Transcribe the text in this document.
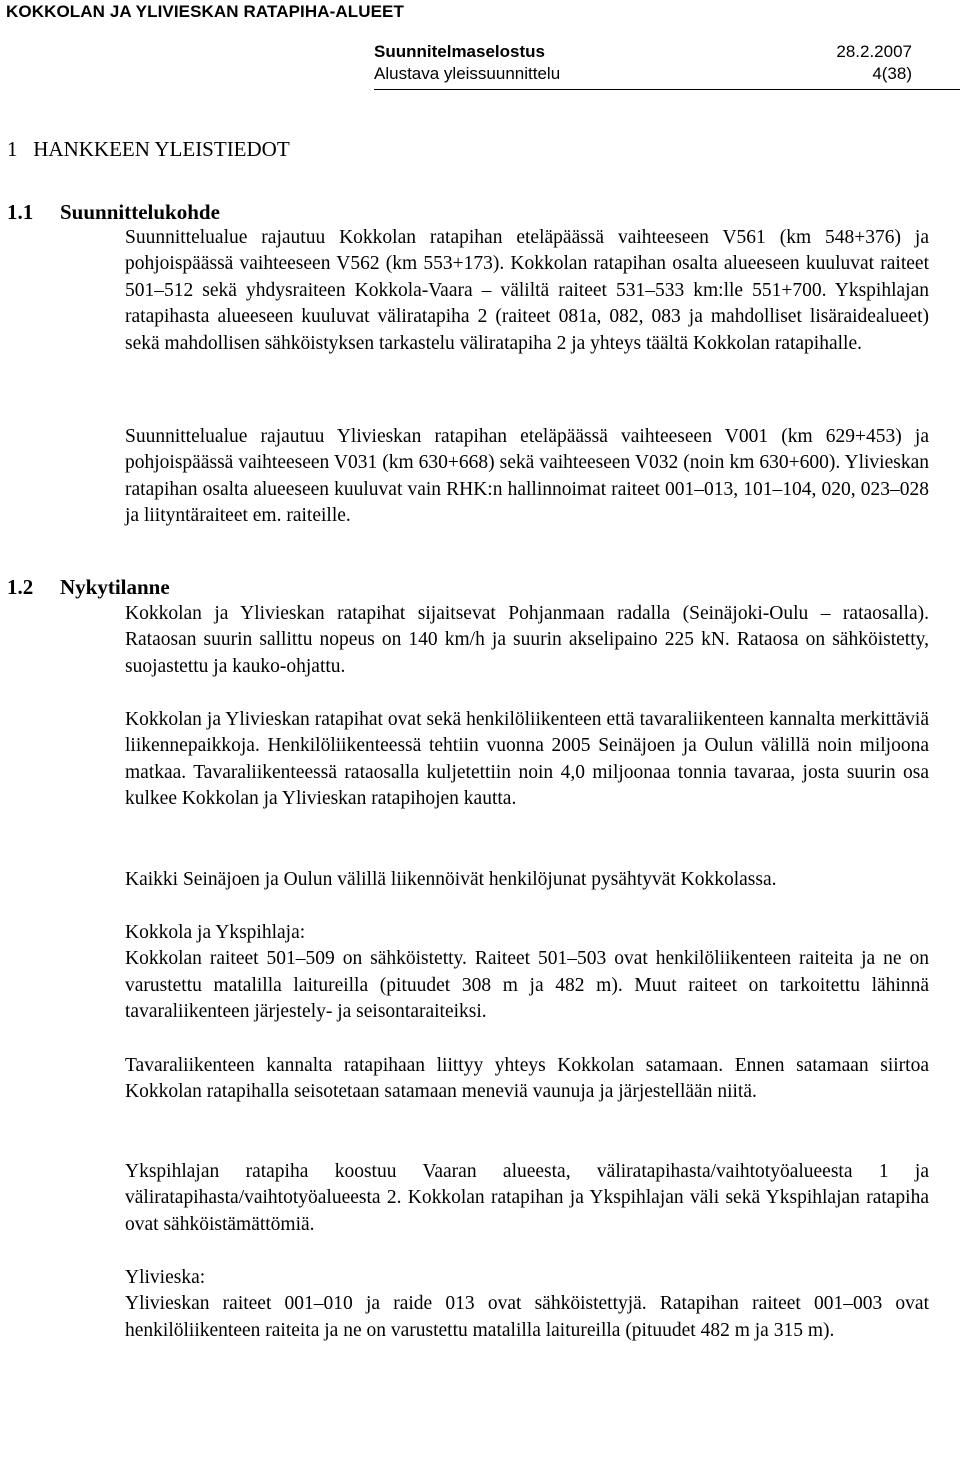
KOKKOLAN JA YLIVIESKAN RATAPIHA-ALUEET
Suunnitelmaselostus	28.2.2007
Alustava yleissuunnittelu	4(38)
1   HANKKEEN YLEISTIEDOT
1.1 Suunnittelukohde

Suunnittelualue rajautuu Kokkolan ratapihan eteläpäässä vaihteeseen V561 (km 548+376) ja pohjoispäässä vaihteeseen V562 (km 553+173). Kokkolan ratapihan osalta alueeseen kuuluvat raiteet 501–512 sekä yhdysraiteen Kokkola-Vaara – väliltä raiteet 531–533 km:lle 551+700. Ykspihlajan ratapihasta alueeseen kuuluvat väliratapiha 2 (raiteet 081a, 082, 083 ja mahdolliset lisäraidealueet) sekä mahdollisen sähköistyksen tarkastelu väliratapiha 2 ja yhteys täältä Kokkolan ratapihalle.

Suunnittelualue rajautuu Ylivieskan ratapihan eteläpäässä vaihteeseen V001 (km 629+453) ja pohjoispäässä vaihteeseen V031 (km 630+668) sekä vaihteeseen V032 (noin km 630+600). Ylivieskan ratapihan osalta alueeseen kuuluvat vain RHK:n hallinnoimat raiteet 001–013, 101–104, 020, 023–028 ja liityntäraiteet em. raiteille.

1.2 Nykytilanne

Kokkolan ja Ylivieskan ratapihat sijaitsevat Pohjanmaan radalla (Seinäjoki-Oulu – rataosalla). Rataosan suurin sallittu nopeus on 140 km/h ja suurin akselipaino 225 kN. Rataosa on sähköistetty, suojastettu ja kauko-ohjattu.

Kokkolan ja Ylivieskan ratapihat ovat sekä henkilöliikenteen että tavaraliikenteen kannalta merkittäviä liikennepaikkoja. Henkilöliikenteessä tehtiin vuonna 2005 Seinäjoen ja Oulun välillä noin miljoona matkaa. Tavaraliikenteessä rataosalla kuljetettiin noin 4,0 miljoonaa tonnia tavaraa, josta suurin osa kulkee Kokkolan ja Ylivieskan ratapihojen kautta.

Kaikki Seinäjoen ja Oulun välillä liikennöivät henkilöjunat pysähtyvät Kokkolassa.

Kokkola ja Ykspihlaja:
Kokkolan raiteet 501–509 on sähköistetty. Raiteet 501–503 ovat henkilöliikenteen raiteita ja ne on varustettu matalilla laitureilla (pituudet 308 m ja 482 m). Muut raiteet on tarkoitettu lähinnä tavaraliikenteen järjestely- ja seisontaraiteiksi.

Tavaraliikenteen kannalta ratapihaan liittyy yhteys Kokkolan satamaan. Ennen satamaan siirtoa Kokkolan ratapihalla seisotetaan satamaan meneviä vaunuja ja järjestellään niitä.

Ykspihlajan ratapiha koostuu Vaaran alueesta, väliratapihasta/vaihtotyöalueesta 1 ja väliratapihasta/vaihtotyöalueesta 2. Kokkolan ratapihan ja Ykspihlajan väli sekä Ykspihlajan ratapiha ovat sähköistämättömiä.

Ylivieska:
Ylivieskan raiteet 001–010 ja raide 013 ovat sähköistettyjä. Ratapihan raiteet 001–003 ovat henkilöliikenteen raiteita ja ne on varustettu matalilla laitureilla (pituudet 482 m ja 315 m).
